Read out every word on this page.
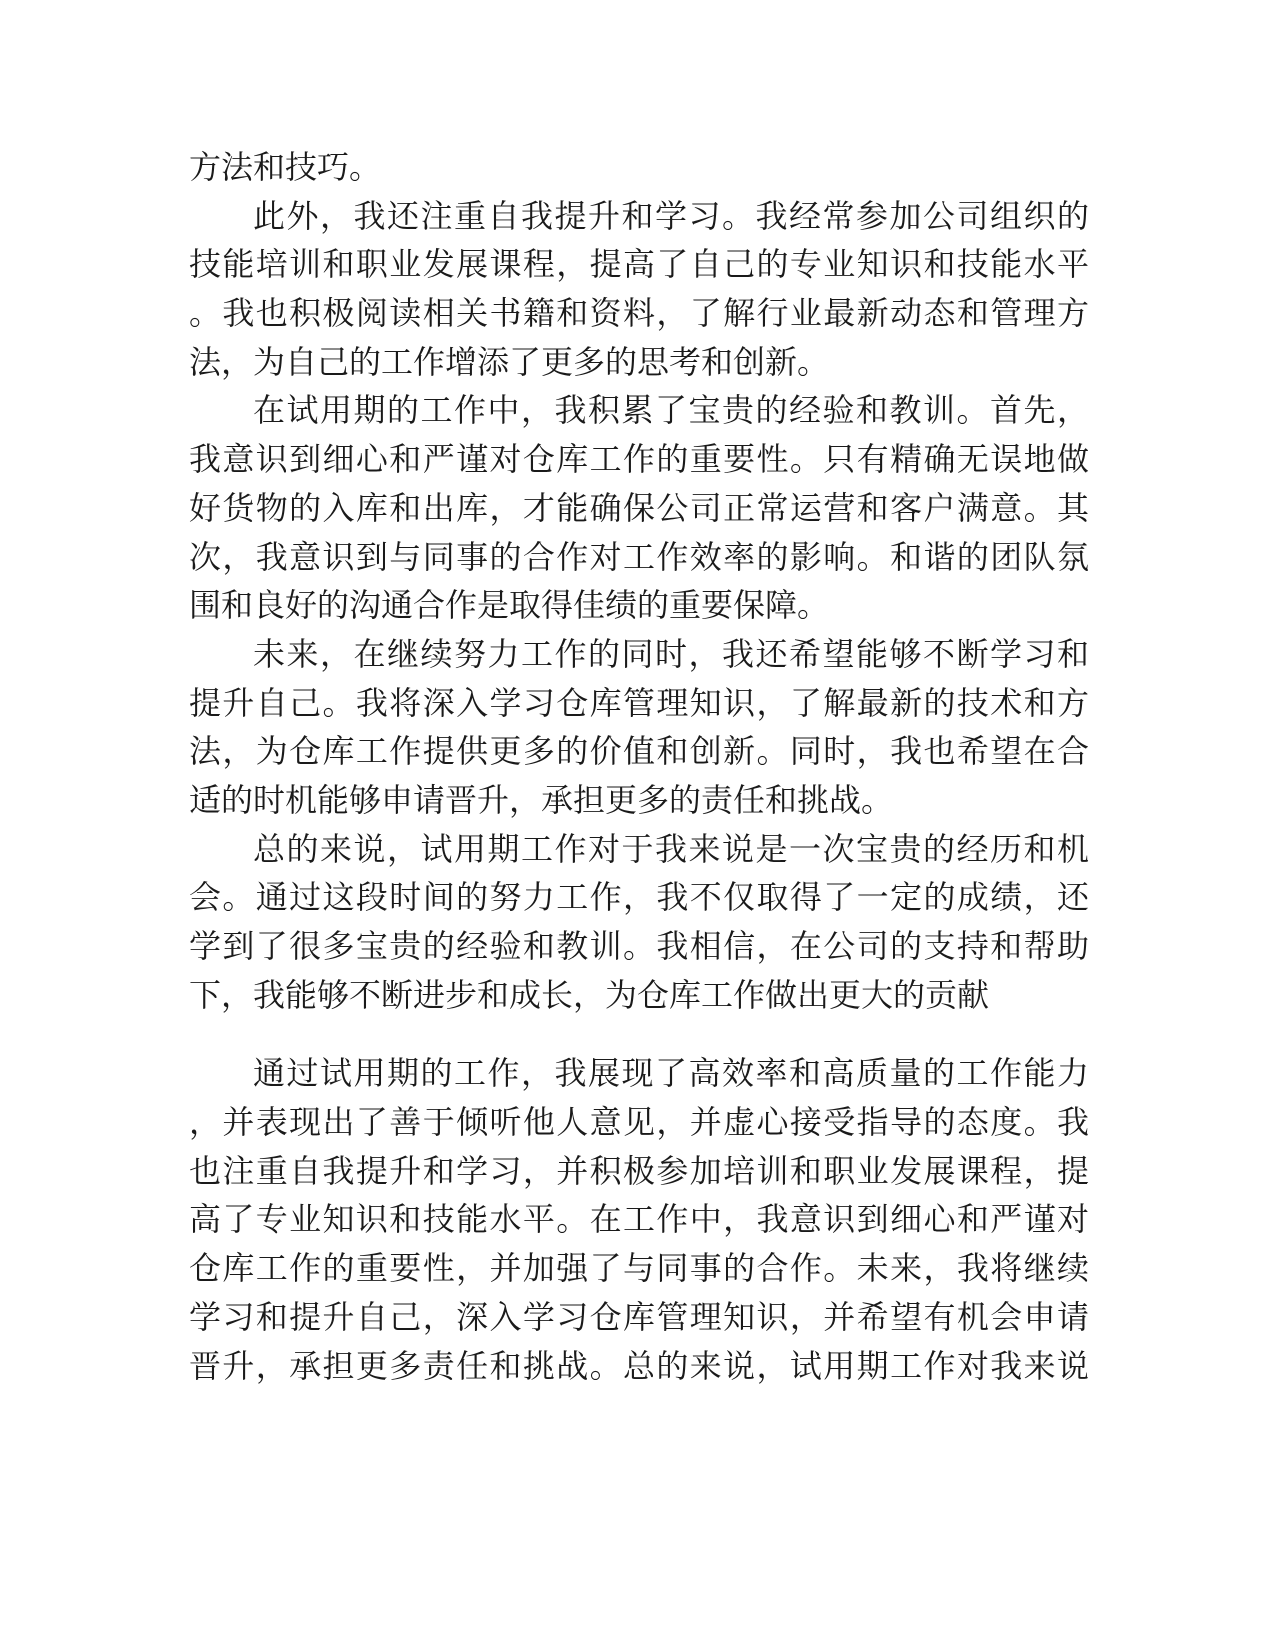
方法和技巧。
此外，我还注重自我提升和学习。我经常参加公司组织的
技能培训和职业发展课程，提高了自己的专业知识和技能水平
。我也积极阅读相关书籍和资料，了解行业最新动态和管理方
法，为自己的工作增添了更多的思考和创新。
在试用期的工作中，我积累了宝贵的经验和教训。首先，
我意识到细心和严谨对仓库工作的重要性。只有精确无误地做
好货物的入库和出库，才能确保公司正常运营和客户满意。其
次，我意识到与同事的合作对工作效率的影响。和谐的团队氛
围和良好的沟通合作是取得佳绩的重要保障。
未来，在继续努力工作的同时，我还希望能够不断学习和
提升自己。我将深入学习仓库管理知识，了解最新的技术和方
法，为仓库工作提供更多的价值和创新。同时，我也希望在合
适的时机能够申请晋升，承担更多的责任和挑战。
总的来说，试用期工作对于我来说是一次宝贵的经历和机
会。通过这段时间的努力工作，我不仅取得了一定的成绩，还
学到了很多宝贵的经验和教训。我相信，在公司的支持和帮助
下，我能够不断进步和成长，为仓库工作做出更大的贡献
通过试用期的工作，我展现了高效率和高质量的工作能力
，并表现出了善于倾听他人意见，并虚心接受指导的态度。我
也注重自我提升和学习，并积极参加培训和职业发展课程，提
高了专业知识和技能水平。在工作中，我意识到细心和严谨对
仓库工作的重要性，并加强了与同事的合作。未来，我将继续
学习和提升自己，深入学习仓库管理知识，并希望有机会申请
晋升，承担更多责任和挑战。总的来说，试用期工作对我来说
